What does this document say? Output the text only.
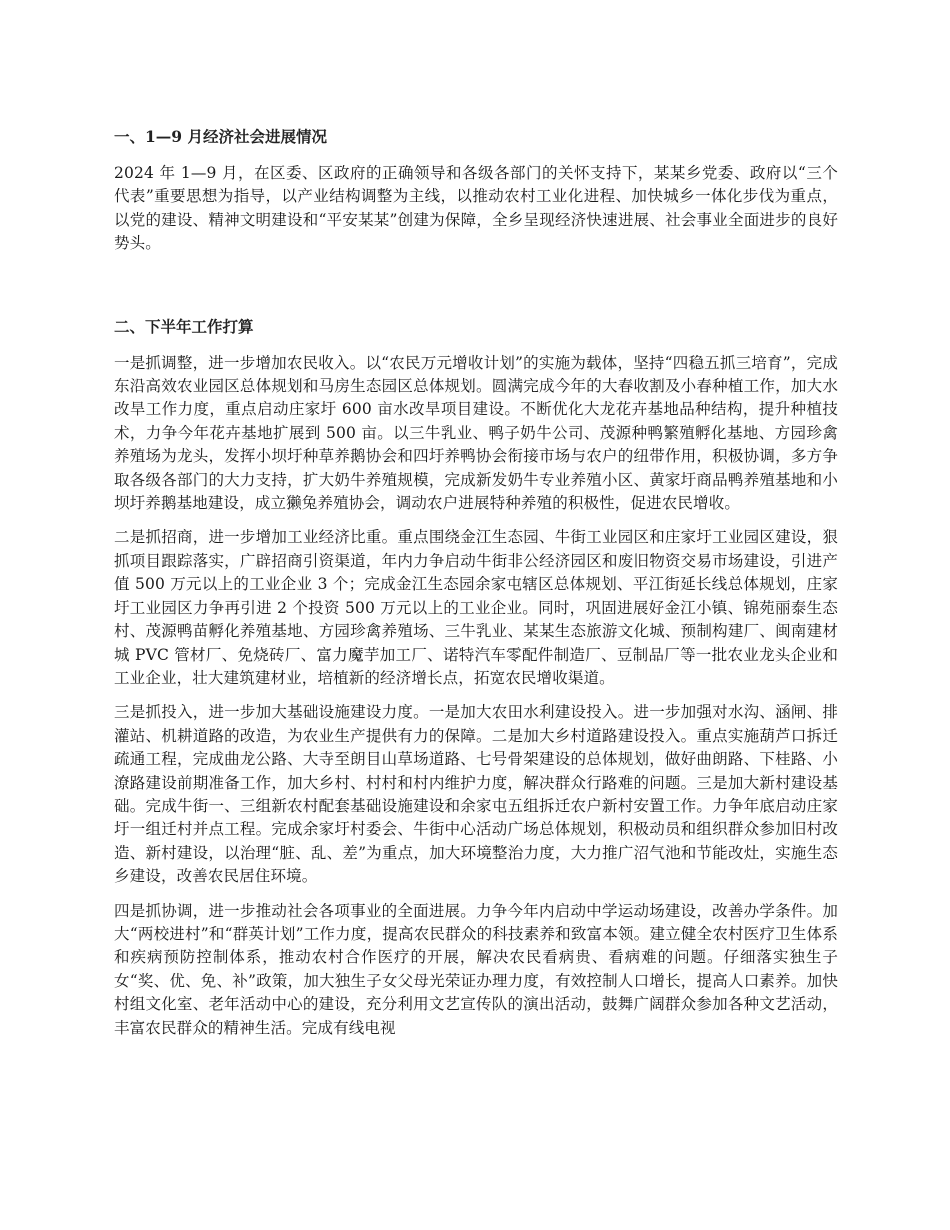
一、1—9 月经济社会进展情况

2024 年 1—9 月，在区委、区政府的正确领导和各级各部门的关怀支持下，某某乡党委、政府以“三个代表”重要思想为指导，以产业结构调整为主线，以推动农村工业化进程、加快城乡一体化步伐为重点，以党的建设、精神文明建设和“平安某某”创建为保障，全乡呈现经济快速进展、社会事业全面进步的良好势头。

二、下半年工作打算

一是抓调整，进一步增加农民收入。以“农民万元增收计划”的实施为载体，坚持“四稳五抓三培育”，完成东沿高效农业园区总体规划和马房生态园区总体规划。圆满完成今年的大春收割及小春种植工作，加大水改旱工作力度，重点启动庄家圩 600 亩水改旱项目建设。不断优化大龙花卉基地品种结构，提升种植技术，力争今年花卉基地扩展到 500 亩。以三牛乳业、鸭子奶牛公司、茂源种鸭繁殖孵化基地、方园珍禽养殖场为龙头，发挥小坝圩种草养鹅协会和四圩养鸭协会衔接市场与农户的纽带作用，积极协调，多方争取各级各部门的大力支持，扩大奶牛养殖规模，完成新发奶牛专业养殖小区、黄家圩商品鸭养殖基地和小坝圩养鹅基地建设，成立獭兔养殖协会，调动农户进展特种养殖的积极性，促进农民增收。

二是抓招商，进一步增加工业经济比重。重点围绕金江生态园、牛街工业园区和庄家圩工业园区建设，狠抓项目跟踪落实，广辟招商引资渠道，年内力争启动牛街非公经济园区和废旧物资交易市场建设，引进产值 500 万元以上的工业企业 3 个；完成金江生态园余家屯辖区总体规划、平江街延长线总体规划，庄家圩工业园区力争再引进 2 个投资 500 万元以上的工业企业。同时，巩固进展好金江小镇、锦苑丽泰生态村、茂源鸭苗孵化养殖基地、方园珍禽养殖场、三牛乳业、某某生态旅游文化城、预制构建厂、闽南建材城 PVC 管材厂、免烧砖厂、富力魔芋加工厂、诺特汽车零配件制造厂、豆制品厂等一批农业龙头企业和工业企业，壮大建筑建材业，培植新的经济增长点，拓宽农民增收渠道。

三是抓投入，进一步加大基础设施建设力度。一是加大农田水利建设投入。进一步加强对水沟、涵闸、排灌站、机耕道路的改造，为农业生产提供有力的保障。二是加大乡村道路建设投入。重点实施葫芦口拆迁疏通工程，完成曲龙公路、大寺至朗目山草场道路、七号骨架建设的总体规划，做好曲朗路、下桂路、小潦路建设前期准备工作，加大乡村、村村和村内维护力度，解决群众行路难的问题。三是加大新村建设基础。完成牛街一、三组新农村配套基础设施建设和余家屯五组拆迁农户新村安置工作。力争年底启动庄家圩一组迁村并点工程。完成余家圩村委会、牛街中心活动广场总体规划，积极动员和组织群众参加旧村改造、新村建设，以治理“脏、乱、差”为重点，加大环境整治力度，大力推广沼气池和节能改灶，实施生态乡建设，改善农民居住环境。

四是抓协调，进一步推动社会各项事业的全面进展。力争今年内启动中学运动场建设，改善办学条件。加大“两校进村”和“群英计划”工作力度，提高农民群众的科技素养和致富本领。建立健全农村医疗卫生体系和疾病预防控制体系，推动农村合作医疗的开展，解决农民看病贵、看病难的问题。仔细落实独生子女“奖、优、免、补”政策，加大独生子女父母光荣证办理力度，有效控制人口增长，提高人口素养。加快村组文化室、老年活动中心的建设，充分利用文艺宣传队的演出活动，鼓舞广阔群众参加各种文艺活动，丰富农民群众的精神生活。完成有线电视
